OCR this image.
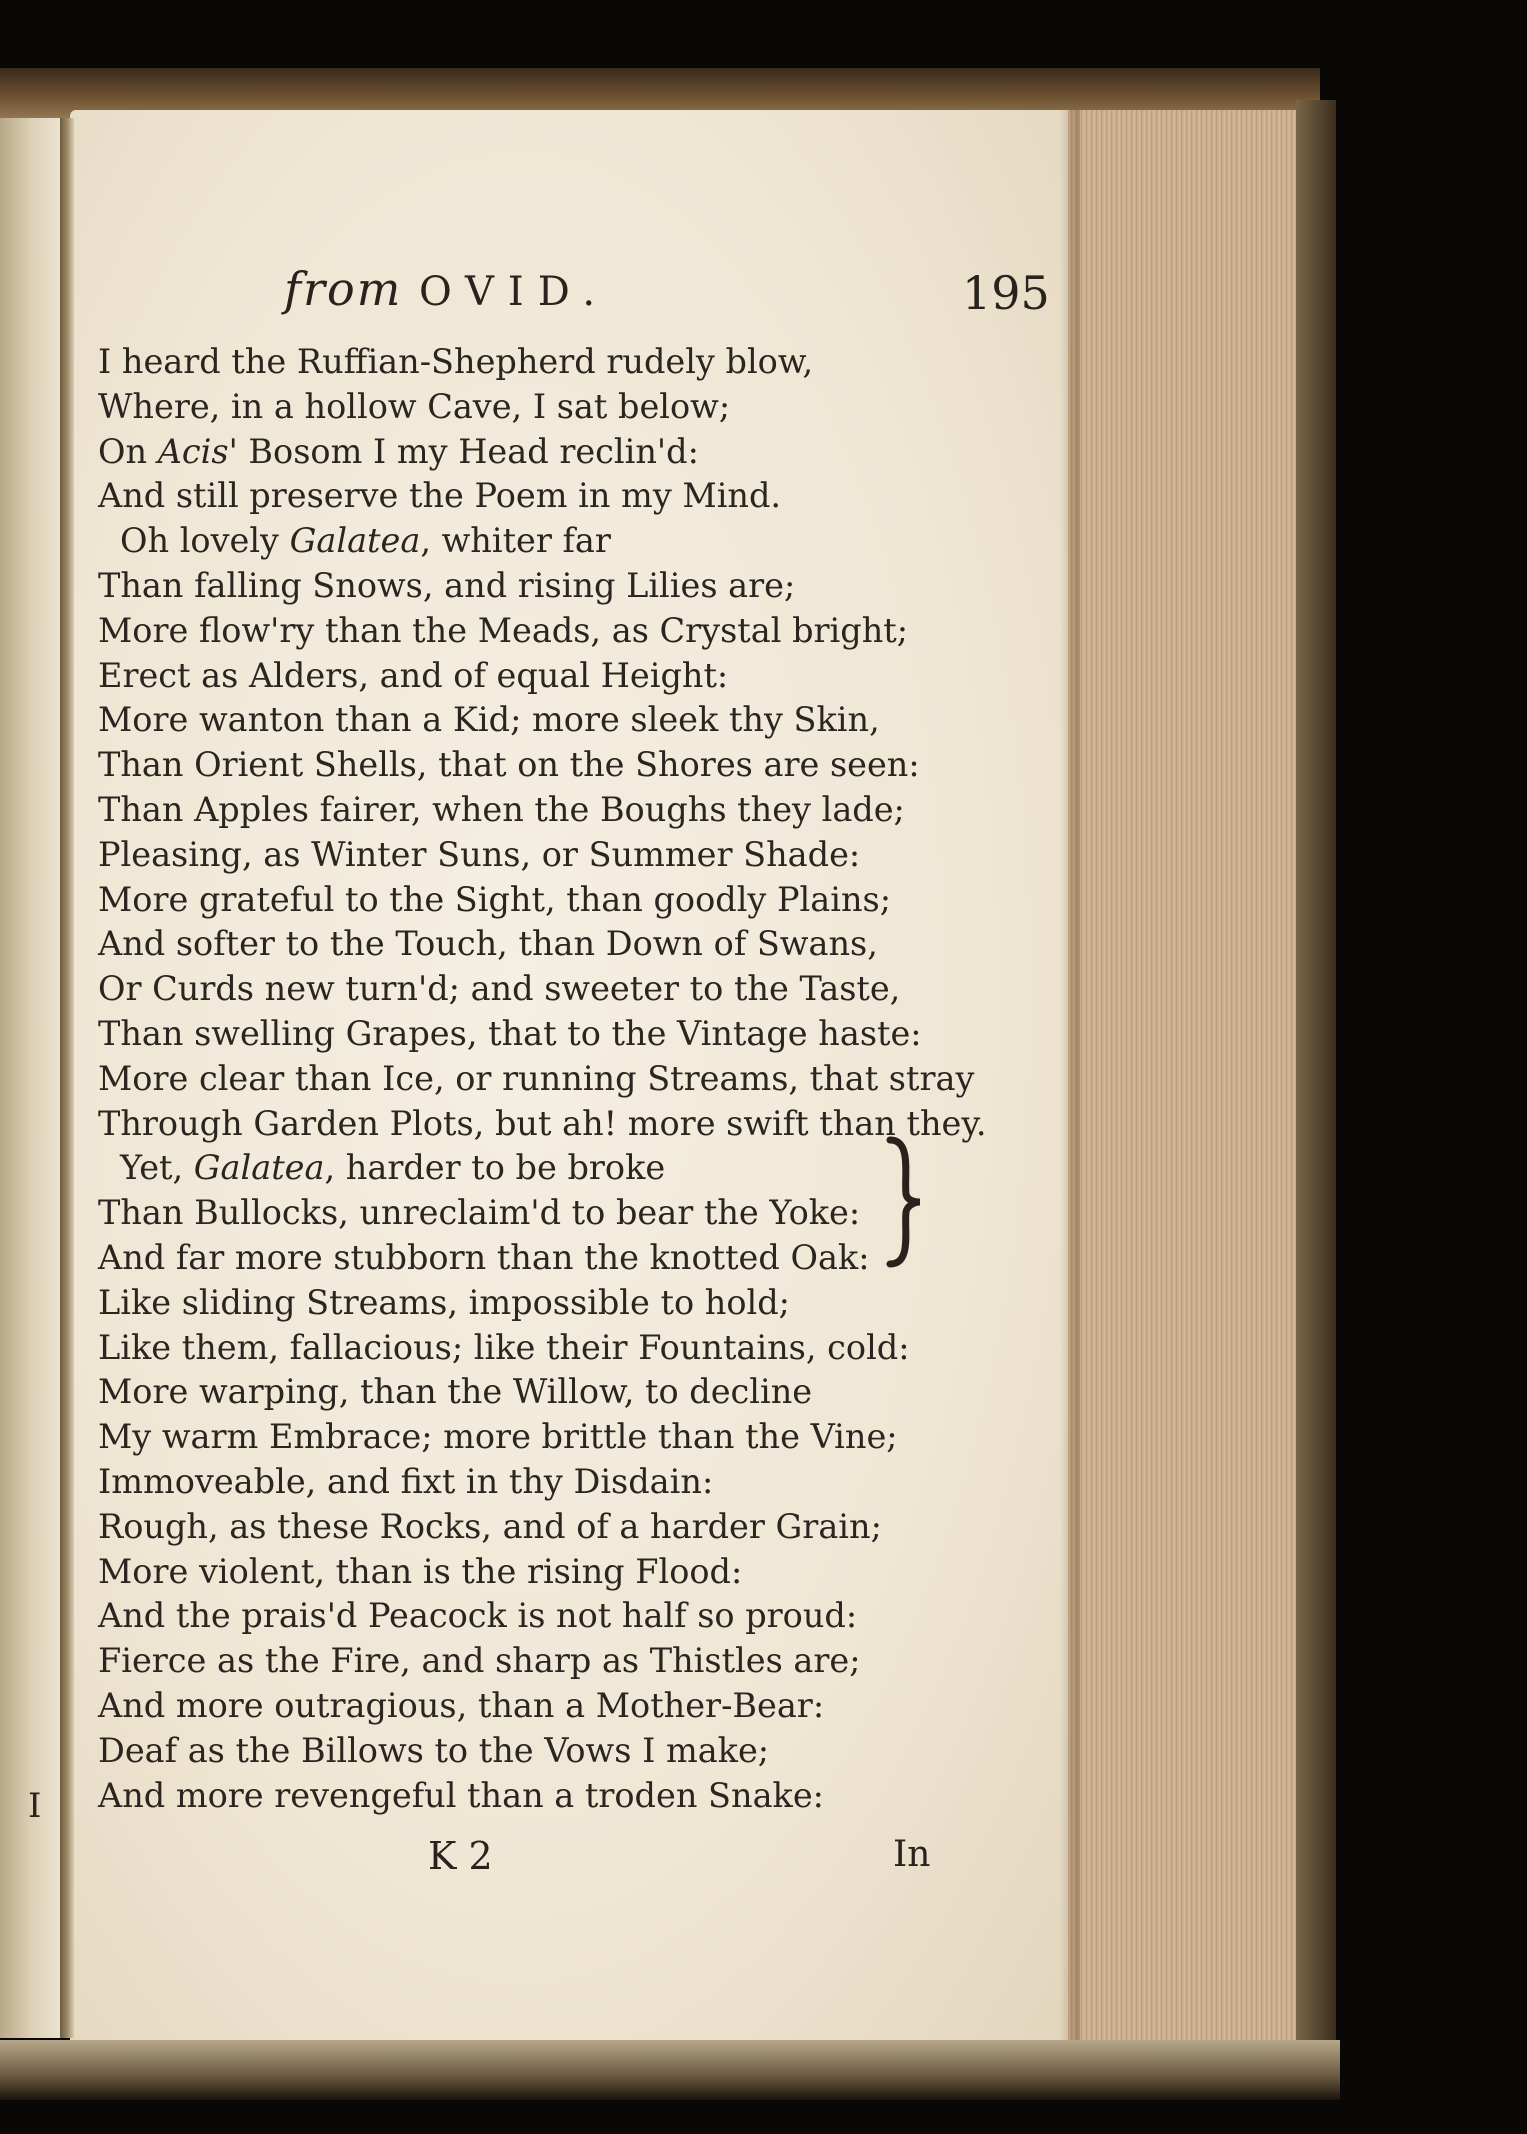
I
from OVID.	195
I heard the Ruffian-Shepherd rudely blow,
Where, in a hollow Cave, I sat below;
On Acis' Bosom I my Head reclin'd:
And still preserve the Poem in my Mind.
Oh lovely Galatea, whiter far
Than falling Snows, and rising Lilies are;
More flow'ry than the Meads, as Crystal bright;
Erect as Alders, and of equal Height:
More wanton than a Kid; more sleek thy Skin,
Than Orient Shells, that on the Shores are seen:
Than Apples fairer, when the Boughs they lade;
Pleasing, as Winter Suns, or Summer Shade:
More grateful to the Sight, than goodly Plains;
And softer to the Touch, than Down of Swans,
Or Curds new turn'd; and sweeter to the Taste,
Than swelling Grapes, that to the Vintage haste:
More clear than Ice, or running Streams, that stray
Through Garden Plots, but ah! more swift than they.
Yet, Galatea, harder to be broke
Than Bullocks, unreclaim'd to bear the Yoke:
And far more stubborn than the knotted Oak:
Like sliding Streams, impossible to hold;
Like them, fallacious; like their Fountains, cold:
More warping, than the Willow, to decline
My warm Embrace; more brittle than the Vine;
Immoveable, and fixt in thy Disdain:
Rough, as these Rocks, and of a harder Grain;
More violent, than is the rising Flood:
And the prais'd Peacock is not half so proud:
Fierce as the Fire, and sharp as Thistles are;
And more outragious, than a Mother-Bear:
Deaf as the Billows to the Vows I make;
And more revengeful than a troden Snake:
K 2	In
